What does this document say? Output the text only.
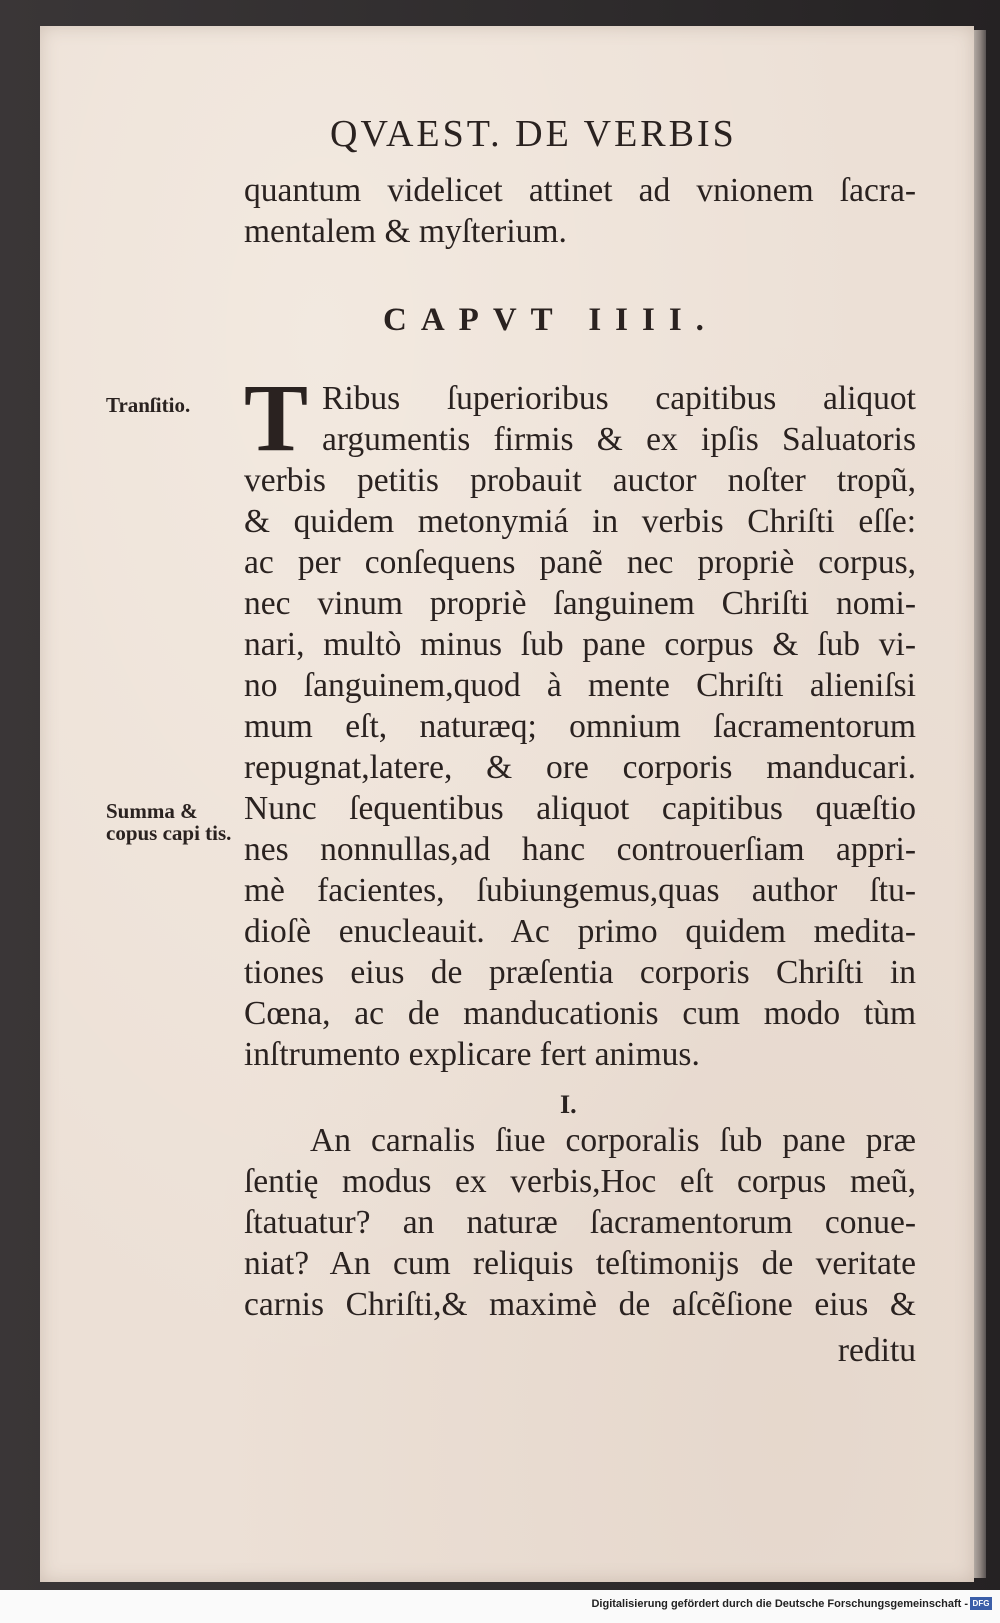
QVAEST. DE VERBIS
quantum videlicet attinet ad vnionem ſacra-
mentalem & myſterium.
CAPVT IIII.
Tranſitio. T Ribus ſuperioribus capitibus aliquot
argumentis firmis & ex ipſis Saluatoris
verbis petitis probauit auctor noſter tropũ,
& quidem metonymiá in verbis Chriſti eſſe:
ac per conſequens panẽ nec propriè corpus,
nec vinum propriè ſanguinem Chriſti nomi-
nari, multò minus ſub pane corpus & ſub vi-
no ſanguinem,quod à mente Chriſti alieniſsi
mum eſt, naturæq; omnium ſacramentorum
repugnat,latere, & ore corporis manducari.
Summa & copus capi tis.
Nunc ſequentibus aliquot capitibus quæſtio
nes nonnullas,ad hanc controuerſiam appri-
mè facientes, ſubiungemus,quas author ſtu-
dioſè enucleauit. Ac primo quidem medita-
tiones eius de præſentia corporis Chriſti in
Cœna, ac de manducationis cum modo tùm
inſtrumento explicare fert animus.
I.
An carnalis ſiue corporalis ſub pane præ
ſentię modus ex verbis,Hoc eſt corpus meũ,
ſtatuatur? an naturæ ſacramentorum conue-
niat? An cum reliquis teſtimonijs de veritate
carnis Chriſti,& maximè de aſcẽſione eius &
reditu
Digitalisierung gefördert durch die Deutsche Forschungsgemeinschaft - DFG
